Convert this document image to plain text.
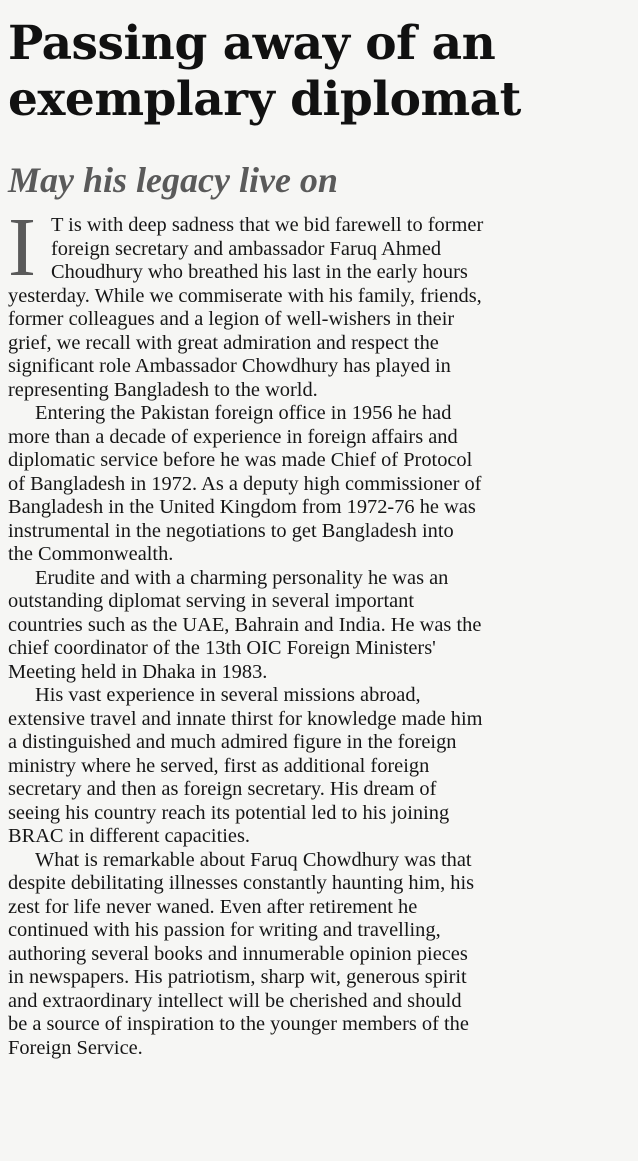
Passing away of an
exemplary diplomat
May his legacy live on
I T is with deep sadness that we bid farewell to former
foreign secretary and ambassador Faruq Ahmed
Choudhury who breathed his last in the early hours
yesterday. While we commiserate with his family, friends,
former colleagues and a legion of well-wishers in their
grief, we recall with great admiration and respect the
significant role Ambassador Chowdhury has played in
representing Bangladesh to the world.
Entering the Pakistan foreign office in 1956 he had
more than a decade of experience in foreign affairs and
diplomatic service before he was made Chief of Protocol
of Bangladesh in 1972. As a deputy high commissioner of
Bangladesh in the United Kingdom from 1972-76 he was
instrumental in the negotiations to get Bangladesh into
the Commonwealth.
Erudite and with a charming personality he was an
outstanding diplomat serving in several important
countries such as the UAE, Bahrain and India. He was the
chief coordinator of the 13th OIC Foreign Ministers'
Meeting held in Dhaka in 1983.
His vast experience in several missions abroad,
extensive travel and innate thirst for knowledge made him
a distinguished and much admired figure in the foreign
ministry where he served, first as additional foreign
secretary and then as foreign secretary. His dream of
seeing his country reach its potential led to his joining
BRAC in different capacities.
What is remarkable about Faruq Chowdhury was that
despite debilitating illnesses constantly haunting him, his
zest for life never waned. Even after retirement he
continued with his passion for writing and travelling,
authoring several books and innumerable opinion pieces
in newspapers. His patriotism, sharp wit, generous spirit
and extraordinary intellect will be cherished and should
be a source of inspiration to the younger members of the
Foreign Service.
